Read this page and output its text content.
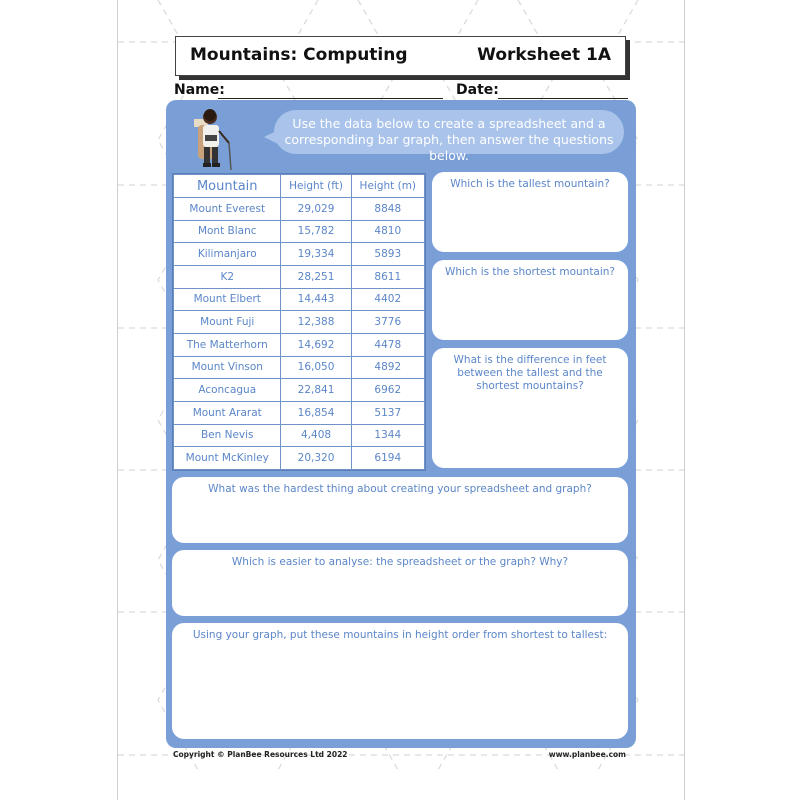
Mountains: Computing	Worksheet 1A
Name:	Date:
Use the data below to create a spreadsheet and a corresponding bar graph, then answer the questions below.
Mountain	Height (ft)	Height (m)
Mount Everest	29,029	8848
Mont Blanc	15,782	4810
Kilimanjaro	19,334	5893
K2	28,251	8611
Mount Elbert	14,443	4402
Mount Fuji	12,388	3776
The Matterhorn	14,692	4478
Mount Vinson	16,050	4892
Aconcagua	22,841	6962
Mount Ararat	16,854	5137
Ben Nevis	4,408	1344
Mount McKinley	20,320	6194
Which is the tallest mountain?
Which is the shortest mountain?
What is the difference in feet between the tallest and the shortest mountains?
What was the hardest thing about creating your spreadsheet and graph?
Which is easier to analyse: the spreadsheet or the graph? Why?
Using your graph, put these mountains in height order from shortest to tallest:
Copyright © PlanBee Resources Ltd 2022	www.planbee.com
